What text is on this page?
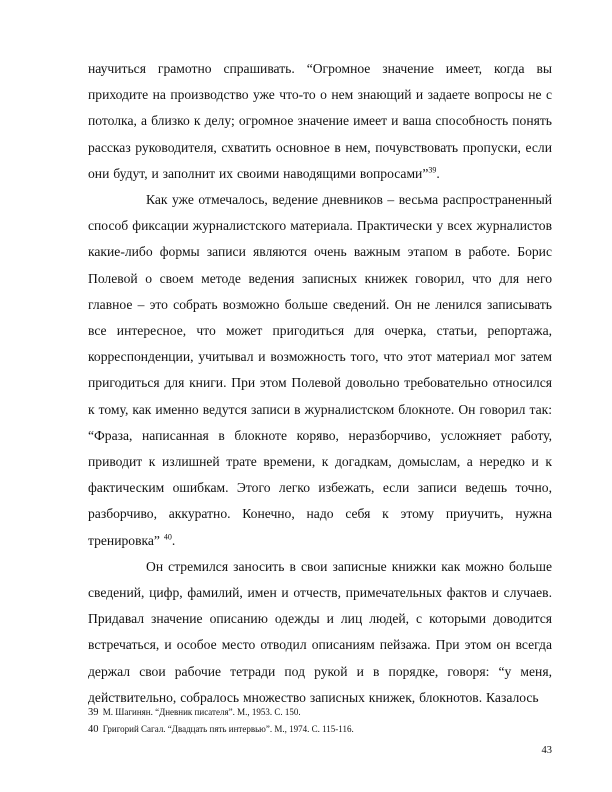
научиться грамотно спрашивать. “Огромное значение имеет, когда вы приходите на производство уже что-то о нем знающий и задаете вопросы не с потолка, а близко к делу; огромное значение имеет и ваша способность понять рассказ руководителя, схватить основное в нем, почувствовать пропуски, если они будут, и заполнит их своими наводящими вопросами”$^{39}$.

Как уже отмечалось, ведение дневников – весьма распространенный способ фиксации журналистского материала. Практически у всех журналистов какие-либо формы записи являются очень важным этапом в работе. Борис Полевой о своем методе ведения записных книжек говорил, что для него главное – это собрать возможно больше сведений. Он не ленился записывать все интересное, что может пригодиться для очерка, статьи, репортажа, корреспонденции, учитывал и возможность того, что этот материал мог затем пригодиться для книги. При этом Полевой довольно требовательно относился к тому, как именно ведутся записи в журналистском блокноте. Он говорил так: “Фраза, написанная в блокноте коряво, неразборчиво, усложняет работу, приводит к излишней трате времени, к догадкам, домыслам, а нередко и к фактическим ошибкам. Этого легко избежать, если записи ведешь точно, разборчиво, аккуратно. Конечно, надо себя к этому приучить, нужна тренировка” $^{40}$.

Он стремился заносить в свои записные книжки как можно больше сведений, цифр, фамилий, имен и отчеств, примечательных фактов и случаев. Придавал значение описанию одежды и лиц людей, с которыми доводится встречаться, и особое место отводил описаниям пейзажа. При этом он всегда держал свои рабочие тетради под рукой и в порядке, говоря: “у меня, действительно, собралось множество записных книжек, блокнотов. Казалось

39 М. Шагинян. “Дневник писателя”. М., 1953. С. 150.
40 Григорий Сагал. “Двадцать пять интервью”. М., 1974. С. 115-116.
43
